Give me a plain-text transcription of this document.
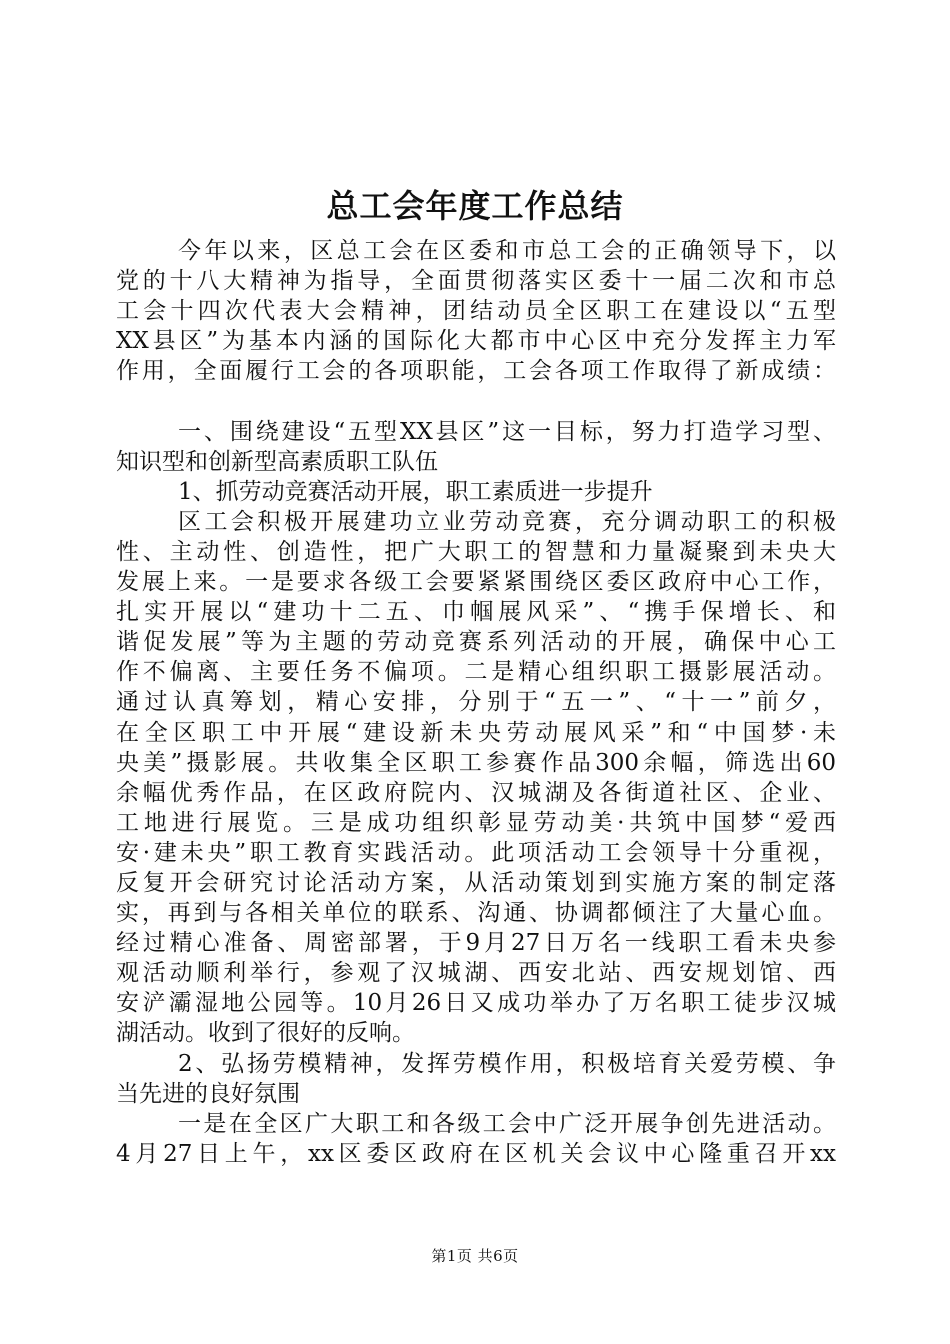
总工会年度工作总结
今年以来，区总工会在区委和市总工会的正确领导下，以
党的十八大精神为指导，全面贯彻落实区委十一届二次和市总
工会十四次代表大会精神，团结动员全区职工在建设以“五型
XX县区”为基本内涵的国际化大都市中心区中充分发挥主力军
作用，全面履行工会的各项职能，工会各项工作取得了新成绩：
一、围绕建设“五型XX县区”这一目标，努力打造学习型、
知识型和创新型高素质职工队伍
1、抓劳动竞赛活动开展，职工素质进一步提升
区工会积极开展建功立业劳动竞赛，充分调动职工的积极
性、主动性、创造性，把广大职工的智慧和力量凝聚到未央大
发展上来。一是要求各级工会要紧紧围绕区委区政府中心工作，
扎实开展以“建功十二五、巾帼展风采”、“携手保增长、和
谐促发展”等为主题的劳动竞赛系列活动的开展，确保中心工
作不偏离、主要任务不偏项。二是精心组织职工摄影展活动。
通过认真筹划，精心安排，分别于“五一”、“十一”前夕，
在全区职工中开展“建设新未央劳动展风采”和“中国梦·未
央美”摄影展。共收集全区职工参赛作品300余幅，筛选出60
余幅优秀作品，在区政府院内、汉城湖及各街道社区、企业、
工地进行展览。三是成功组织彰显劳动美·共筑中国梦“爱西
安·建未央”职工教育实践活动。此项活动工会领导十分重视，
反复开会研究讨论活动方案，从活动策划到实施方案的制定落
实，再到与各相关单位的联系、沟通、协调都倾注了大量心血。
经过精心准备、周密部署，于9月27日万名一线职工看未央参
观活动顺利举行，参观了汉城湖、西安北站、西安规划馆、西
安浐灞湿地公园等。10月26日又成功举办了万名职工徒步汉城
湖活动。收到了很好的反响。
2、弘扬劳模精神，发挥劳模作用，积极培育关爱劳模、争
当先进的良好氛围
一是在全区广大职工和各级工会中广泛开展争创先进活动。
4月27日上午，xx区委区政府在区机关会议中心隆重召开xx
第1页 共6页
